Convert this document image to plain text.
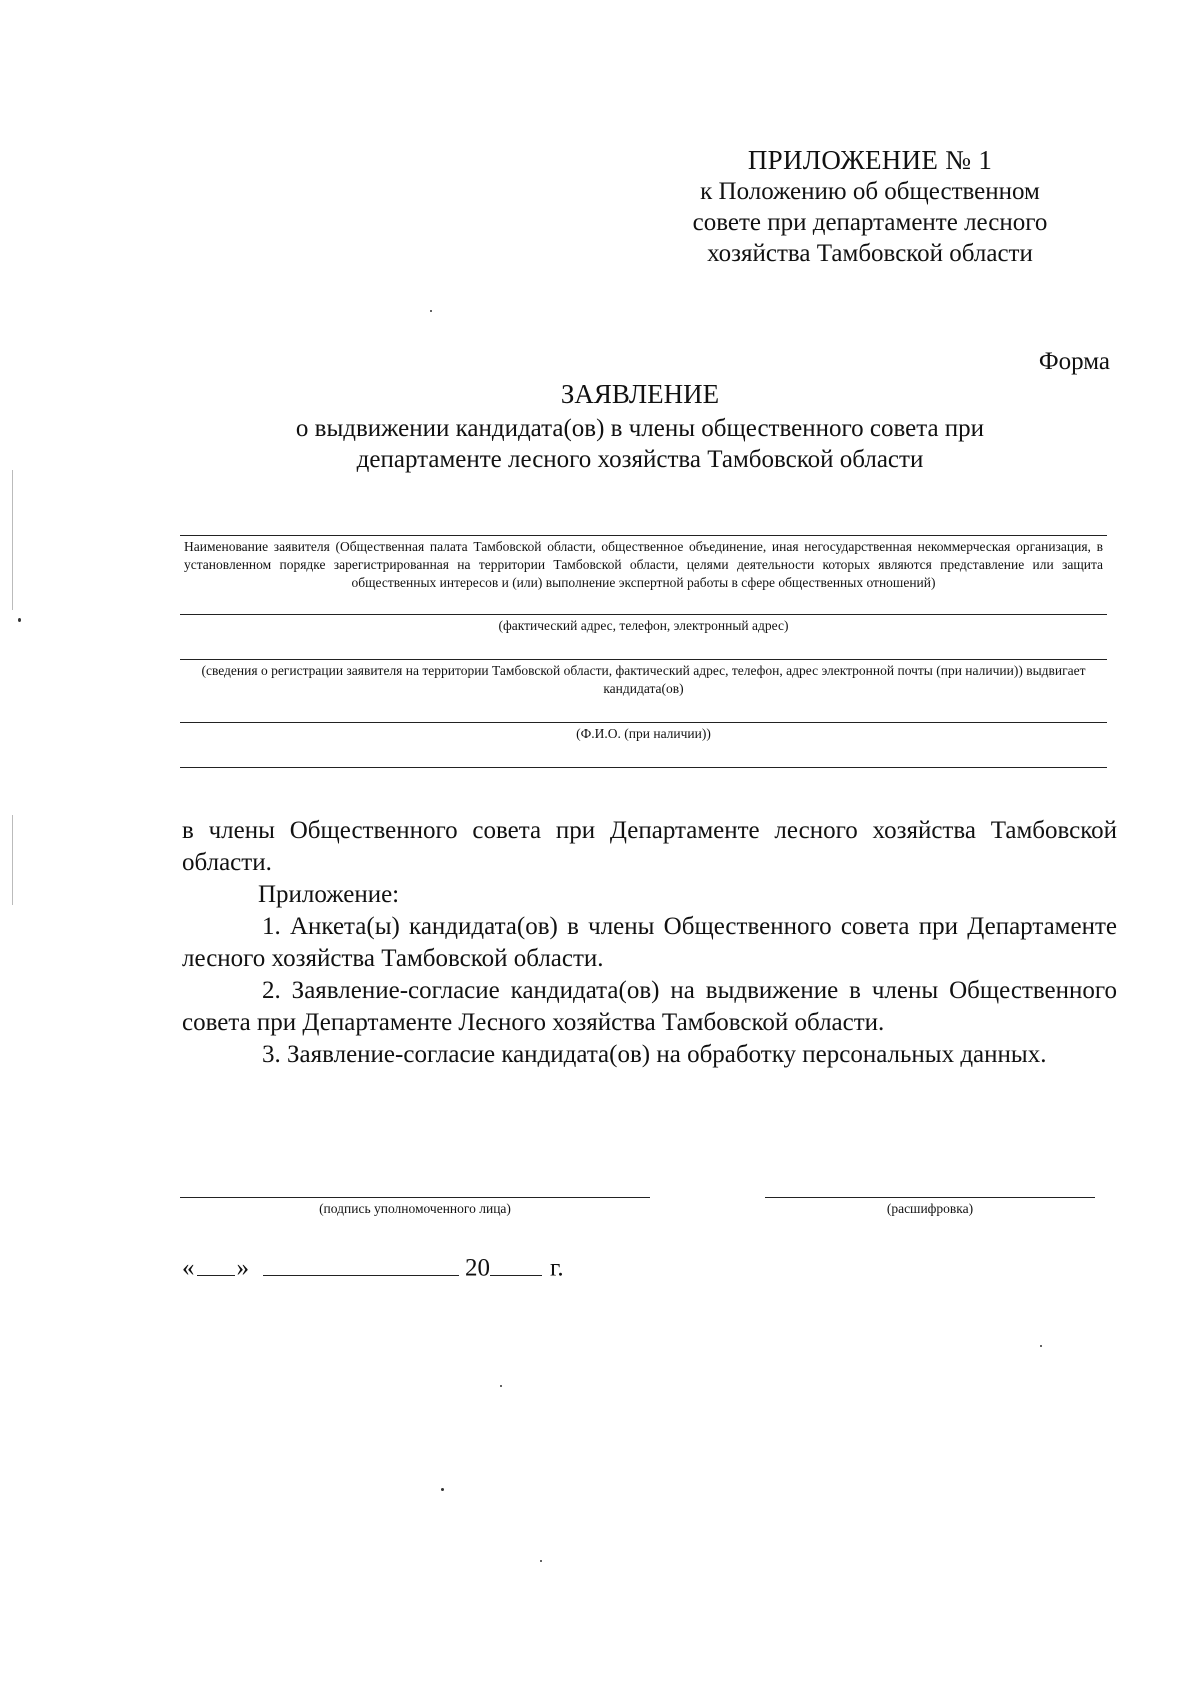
ПРИЛОЖЕНИЕ № 1
к Положению об общественном
совете при департаменте лесного
хозяйства Тамбовской области
Форма
ЗАЯВЛЕНИЕ
о выдвижении кандидата(ов) в члены общественного совета при
департаменте лесного хозяйства Тамбовской области
Наименование заявителя (Общественная палата Тамбовской области, общественное объединение, иная негосударственная некоммерческая организация, в установленном порядке зарегистрированная на территории Тамбовской области, целями деятельности которых являются представление или защита общественных интересов и (или) выполнение экспертной работы в сфере общественных отношений)
(фактический адрес, телефон, электронный адрес)
(сведения о регистрации заявителя на территории Тамбовской области, фактический адрес, телефон, адрес электронной почты (при наличии)) выдвигает кандидата(ов)
(Ф.И.О. (при наличии))

в члены Общественного совета при Департаменте лесного хозяйства Тамбовской области.

Приложение:

1. Анкета(ы) кандидата(ов) в члены Общественного совета при Департаменте лесного хозяйства Тамбовской области.

2. Заявление-согласие кандидата(ов) на выдвижение в члены Общественного совета при Департаменте Лесного хозяйства Тамбовской области.

3. Заявление-согласие кандидата(ов) на обработку персональных данных.

(подпись уполномоченного лица)	(расшифровка)
« »	20 г.
